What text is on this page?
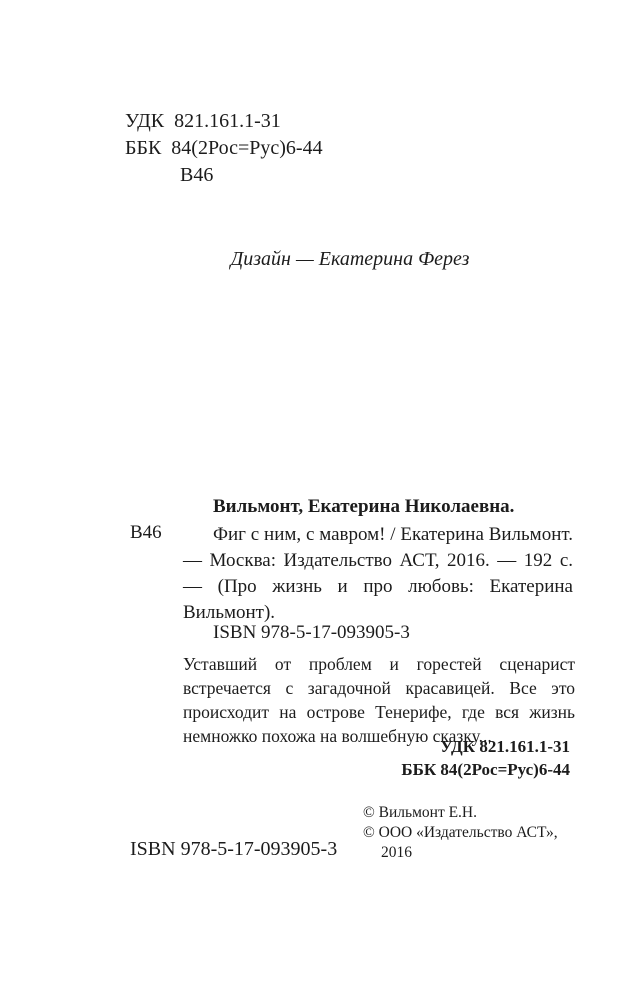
УДК  821.161.1-31
ББК  84(2Рос=Рус)6-44
В46
Дизайн — Екатерина Ферез
Вильмонт, Екатерина Николаевна.
В46	Фиг с ним, с мавром! / Екатерина Вильмонт. — Москва: Издательство АСТ, 2016. — 192 с. — (Про жизнь и про любовь: Екатерина Вильмонт).

ISBN 978-5-17-093905-3

Уставший от проблем и горестей сценарист встречается с загадочной красавицей. Все это происходит на острове Тенерифе, где вся жизнь немножко похожа на волшебную сказку...

УДК 821.161.1-31
ББК 84(2Рос=Рус)6-44

© Вильмонт Е.Н.

© ООО «Издательство АСТ», 2016

ISBN 978-5-17-093905-3
